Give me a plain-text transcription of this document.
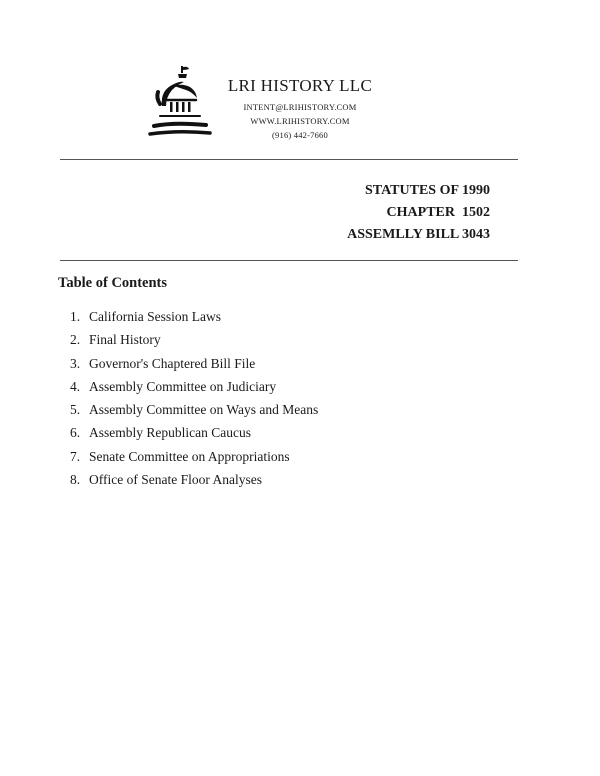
LRI HISTORY LLC
INTENT@LRIHISTORY.COM
WWW.LRIHISTORY.COM
(916) 442-7660
STATUTES OF 1990
CHAPTER  1502
ASSEMLLY BILL 3043
Table of Contents
1. California Session Laws
2. Final History
3. Governor's Chaptered Bill File
4. Assembly Committee on Judiciary
5. Assembly Committee on Ways and Means
6. Assembly Republican Caucus
7. Senate Committee on Appropriations
8. Office of Senate Floor Analyses
